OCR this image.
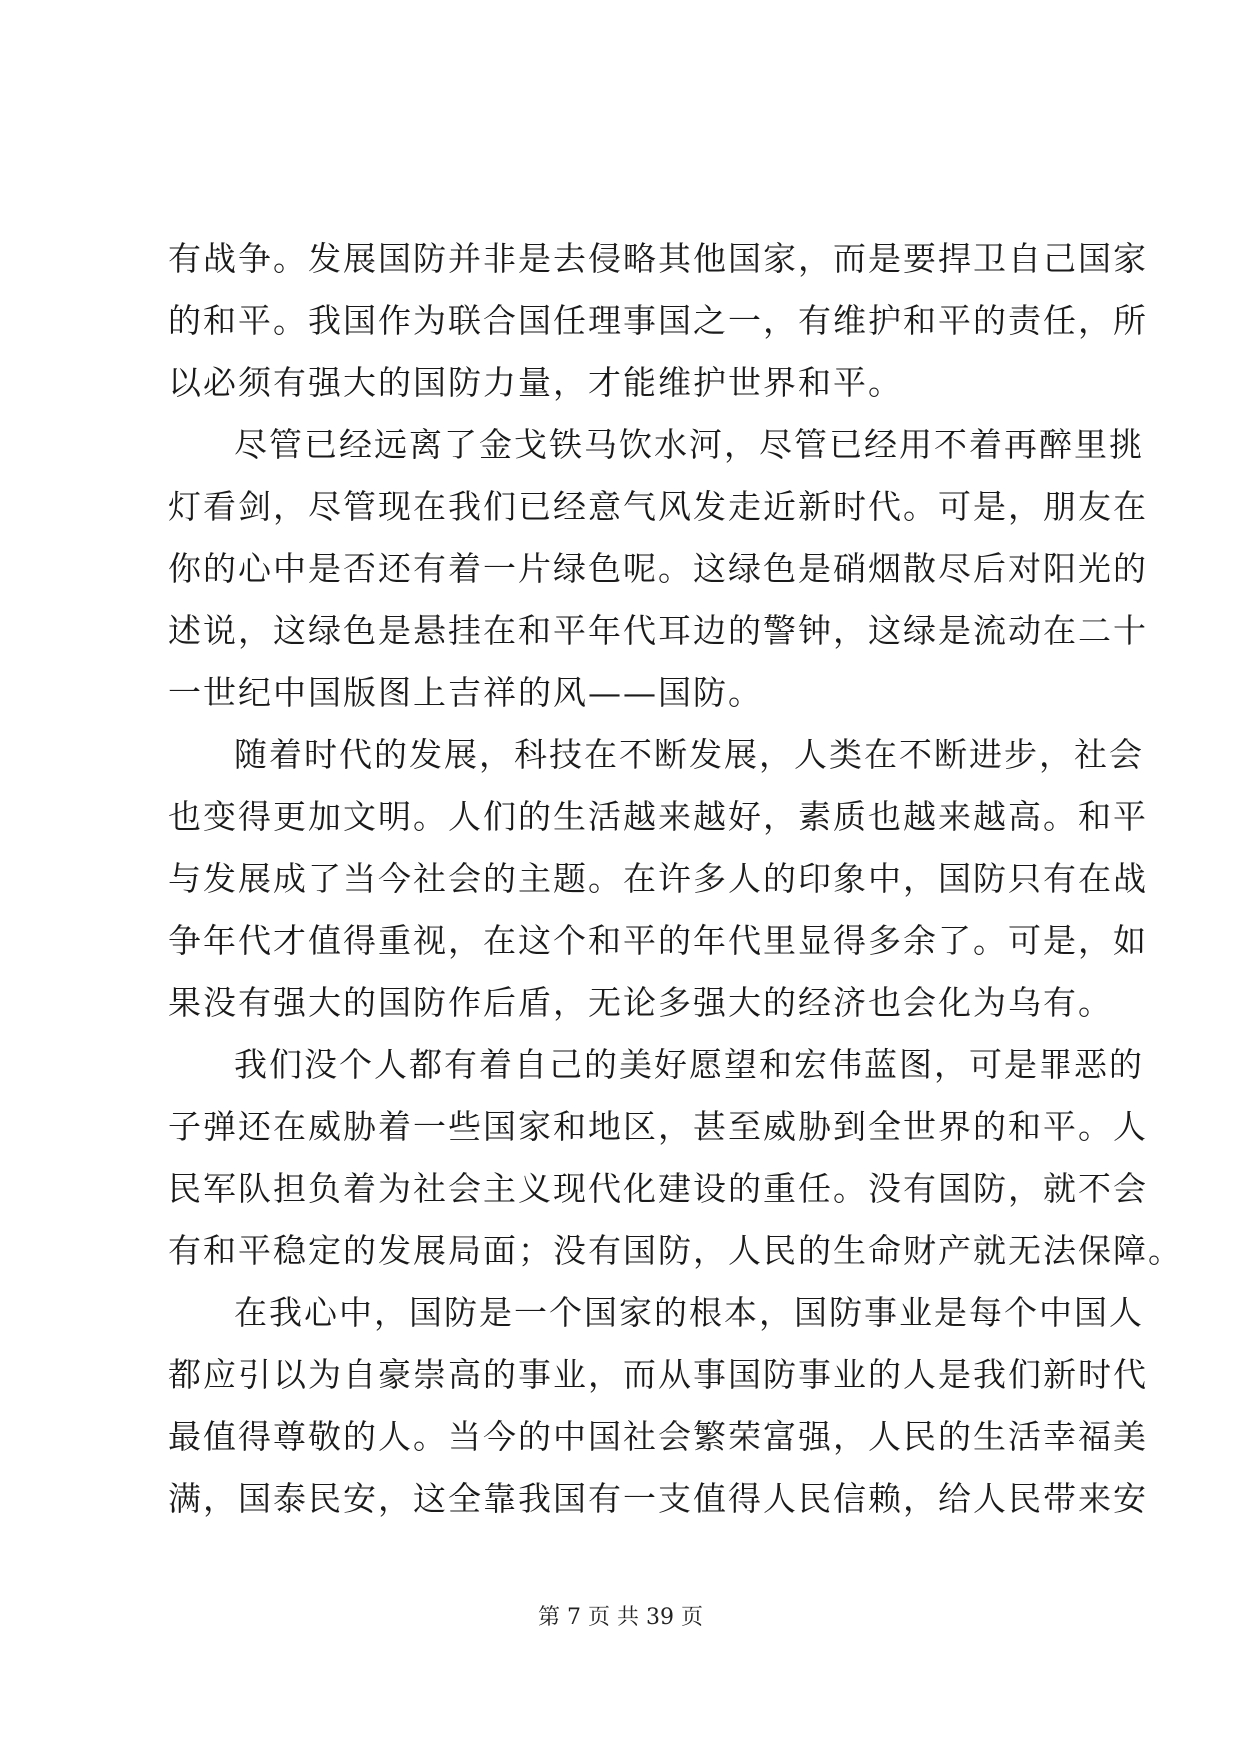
有战争。发展国防并非是去侵略其他国家，而是要捍卫自己国家
的和平。我国作为联合国任理事国之一，有维护和平的责任，所
以必须有强大的国防力量，才能维护世界和平。
尽管已经远离了金戈铁马饮水河，尽管已经用不着再醉里挑
灯看剑，尽管现在我们已经意气风发走近新时代。可是，朋友在
你的心中是否还有着一片绿色呢。这绿色是硝烟散尽后对阳光的
述说，这绿色是悬挂在和平年代耳边的警钟，这绿是流动在二十
一世纪中国版图上吉祥的风——国防。
随着时代的发展，科技在不断发展，人类在不断进步，社会
也变得更加文明。人们的生活越来越好，素质也越来越高。和平
与发展成了当今社会的主题。在许多人的印象中，国防只有在战
争年代才值得重视，在这个和平的年代里显得多余了。可是，如
果没有强大的国防作后盾，无论多强大的经济也会化为乌有。
我们没个人都有着自己的美好愿望和宏伟蓝图，可是罪恶的
子弹还在威胁着一些国家和地区，甚至威胁到全世界的和平。人
民军队担负着为社会主义现代化建设的重任。没有国防，就不会
有和平稳定的发展局面；没有国防，人民的生命财产就无法保障。
在我心中，国防是一个国家的根本，国防事业是每个中国人
都应引以为自豪崇高的事业，而从事国防事业的人是我们新时代
最值得尊敬的人。当今的中国社会繁荣富强，人民的生活幸福美
满，国泰民安，这全靠我国有一支值得人民信赖，给人民带来安
第 7 页 共 39 页
